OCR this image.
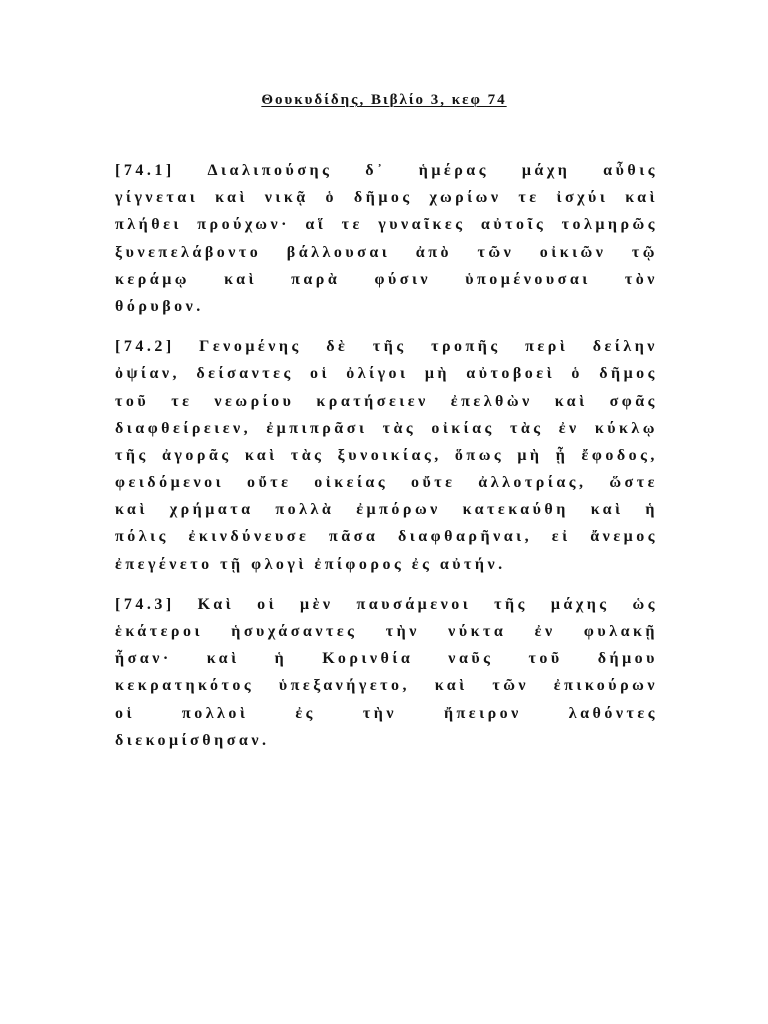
Θουκυδίδης, Βιβλίο 3, κεφ 74
[74.1] Διαλιπούσης δ᾽ ἡμέρας μάχη αὖθις
γίγνεται καὶ νικᾷ ὁ δῆμος χωρίων τε ἰσχύι καὶ
πλήθει προύχων· αἵ τε γυναῖκες αὐτοῖς τολμηρῶς
ξυνεπελάβοντο βάλλουσαι ἀπὸ τῶν οἰκιῶν τῷ
κεράμῳ καὶ παρὰ φύσιν ὑπομένουσαι τὸν
θόρυβον.
[74.2] Γενομένης δὲ τῆς τροπῆς περὶ δείλην
ὀψίαν, δείσαντες οἱ ὀλίγοι μὴ αὐτοβοεὶ ὁ δῆμος
τοῦ τε νεωρίου κρατήσειεν ἐπελθὼν καὶ σφᾶς
διαφθείρειεν, ἐμπιπρᾶσι τὰς οἰκίας τὰς ἐν κύκλῳ
τῆς ἀγορᾶς καὶ τὰς ξυνοικίας, ὅπως μὴ ᾖ ἔφοδος,
φειδόμενοι οὔτε οἰκείας οὔτε ἀλλοτρίας, ὥστε
καὶ χρήματα πολλὰ ἐμπόρων κατεκαύθη καὶ ἡ
πόλις ἐκινδύνευσε πᾶσα διαφθαρῆναι, εἰ ἄνεμος
ἐπεγένετο τῇ φλογὶ ἐπίφορος ἐς αὐτήν.
[74.3] Καὶ οἱ μὲν παυσάμενοι τῆς μάχης ὡς
ἑκάτεροι ἡσυχάσαντες τὴν νύκτα ἐν φυλακῇ
ἦσαν· καὶ ἡ Κορινθία ναῦς τοῦ δήμου
κεκρατηκότος ὑπεξανήγετο, καὶ τῶν ἐπικούρων
οἱ	πολλοὶ	ἐς	τὴν	ἤπειρον	λαθόντες
διεκομίσθησαν.
